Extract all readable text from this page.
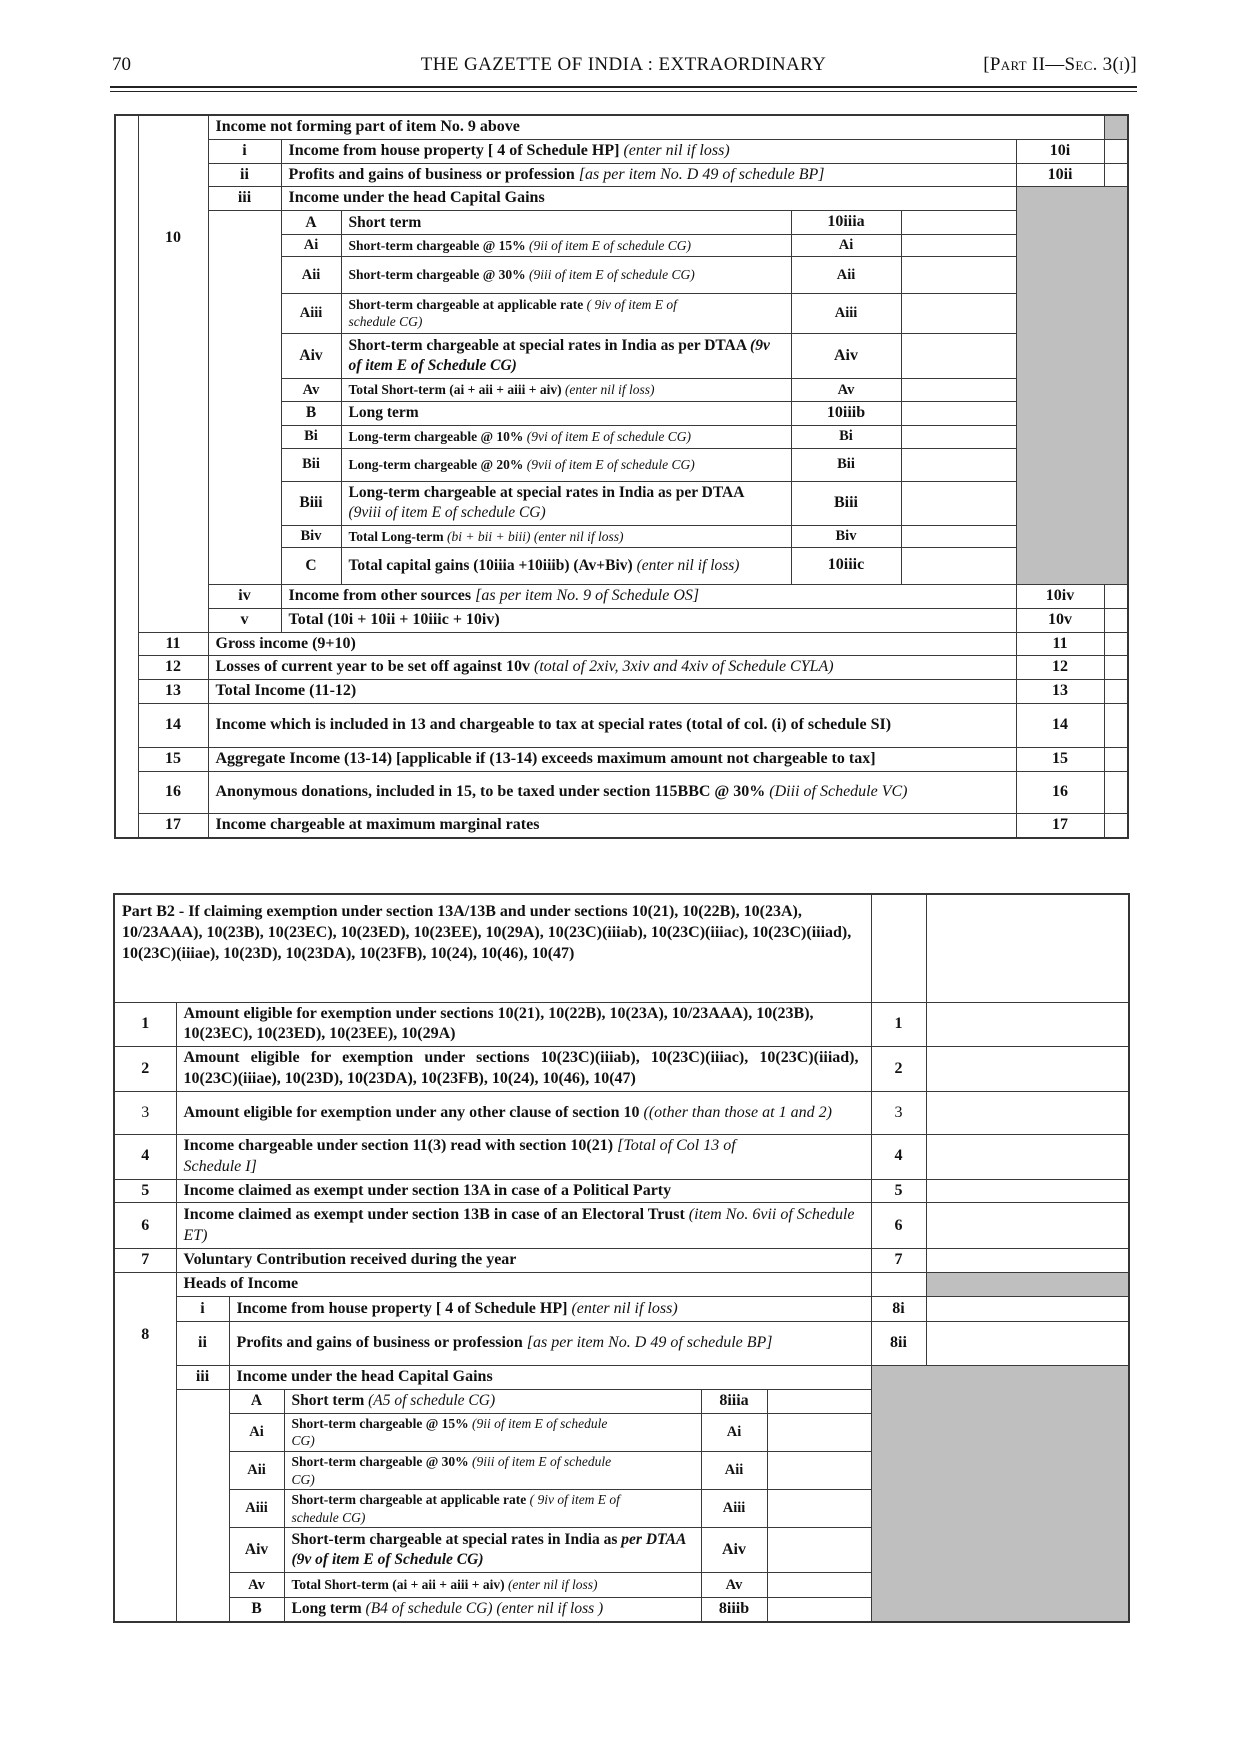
70	THE GAZETTE OF INDIA : EXTRAORDINARY	[Part II—Sec. 3(i)]
	10	Income not forming part of item No. 9 above						
		i	Income from house property [ 4 of Schedule HP] (enter nil if loss)				10i	
		ii	Profits and gains of business or profession [as per item No. D 49 of schedule BP]				10ii	
		iii	Income under the head Capital Gains					
			A	Short term	10iiia			
			Ai	Short-term chargeable @ 15% (9ii of item E of schedule CG)	Ai			
			Aii	Short-term chargeable @ 30% (9iii of item E of schedule CG)	Aii			
			Aiii	Short-term chargeable at applicable rate ( 9iv of item E of schedule CG)	Aiii			
			Aiv	Short-term chargeable at special rates in India as per DTAA (9v of item E of Schedule CG)	Aiv			
			Av	Total Short-term (ai + aii + aiii + aiv) (enter nil if loss)	Av			
			B	Long term	10iiib			
			Bi	Long-term chargeable @ 10% (9vi of item E of schedule CG)	Bi			
			Bii	Long-term chargeable @ 20% (9vii of item E of schedule CG)	Bii			
			Biii	Long-term chargeable at special rates in India as per DTAA (9viii of item E of schedule CG)	Biii			
			Biv	Total Long-term (bi + bii + biii) (enter nil if loss)	Biv			
			C	Total capital gains (10iiia +10iiib) (Av+Biv) (enter nil if loss)	10iiic			
		iv	Income from other sources [as per item No. 9 of Schedule OS]				10iv	
		v	Total (10i + 10ii + 10iiic + 10iv)				10v	
	11	Gross income (9+10)					11	
	12	Losses of current year to be set off against 10v (total of 2xiv, 3xiv and 4xiv of Schedule CYLA)					12	
	13	Total Income (11-12)					13	
	14	Income which is included in 13 and chargeable to tax at special rates (total of col. (i) of schedule SI)					14	
	15	Aggregate Income (13-14) [applicable if (13-14) exceeds maximum amount not chargeable to tax]					15	
	16	Anonymous donations, included in 15, to be taxed under section 115BBC @ 30% (Diii of Schedule VC)					16	
	17	Income chargeable at maximum marginal rates					17	
Part B2 - If claiming exemption under section 13A/13B and under sections 10(21), 10(22B), 10(23A), 10/23AAA), 10(23B), 10(23EC), 10(23ED), 10(23EE), 10(29A), 10(23C)(iiiab), 10(23C)(iiiac), 10(23C)(iiiad), 10(23C)(iiiae), 10(23D), 10(23DA), 10(23FB), 10(24), 10(46), 10(47)							
1	Amount eligible for exemption under sections 10(21), 10(22B), 10(23A), 10/23AAA), 10(23B), 10(23EC), 10(23ED), 10(23EE), 10(29A)					1	
2	Amount eligible for exemption under sections 10(23C)(iiiab), 10(23C)(iiiac), 10(23C)(iiiad), 10(23C)(iiiae), 10(23D), 10(23DA), 10(23FB), 10(24), 10(46), 10(47)					2	
3	Amount eligible for exemption under any other clause of section 10 ((other than those at 1 and 2)					3	
4	Income chargeable under section 11(3) read with section 10(21) [Total of Col 13 of Schedule I]					4	
5	Income claimed as exempt under section 13A in case of a Political Party					5	
6	Income claimed as exempt under section 13B in case of an Electoral Trust (item No. 6vii of Schedule ET)					6	
7	Voluntary Contribution received during the year					7	
8	Heads of Income						
	i	Income from house property [ 4 of Schedule HP] (enter nil if loss)				8i	
	ii	Profits and gains of business or profession [as per item No. D 49 of schedule BP]				8ii	
	iii	Income under the head Capital Gains					
		A	Short term (A5 of schedule CG)	8iiia			
		Ai	Short-term chargeable @ 15% (9ii of item E of schedule CG)	Ai			
		Aii	Short-term chargeable @ 30% (9iii of item E of schedule CG)	Aii			
		Aiii	Short-term chargeable at applicable rate ( 9iv of item E of schedule CG)	Aiii			
		Aiv	Short-term chargeable at special rates in India as per DTAA (9v of item E of Schedule CG)	Aiv			
		Av	Total Short-term (ai + aii + aiii + aiv) (enter nil if loss)	Av			
		B	Long term (B4 of schedule CG) (enter nil if loss )	8iiib			
